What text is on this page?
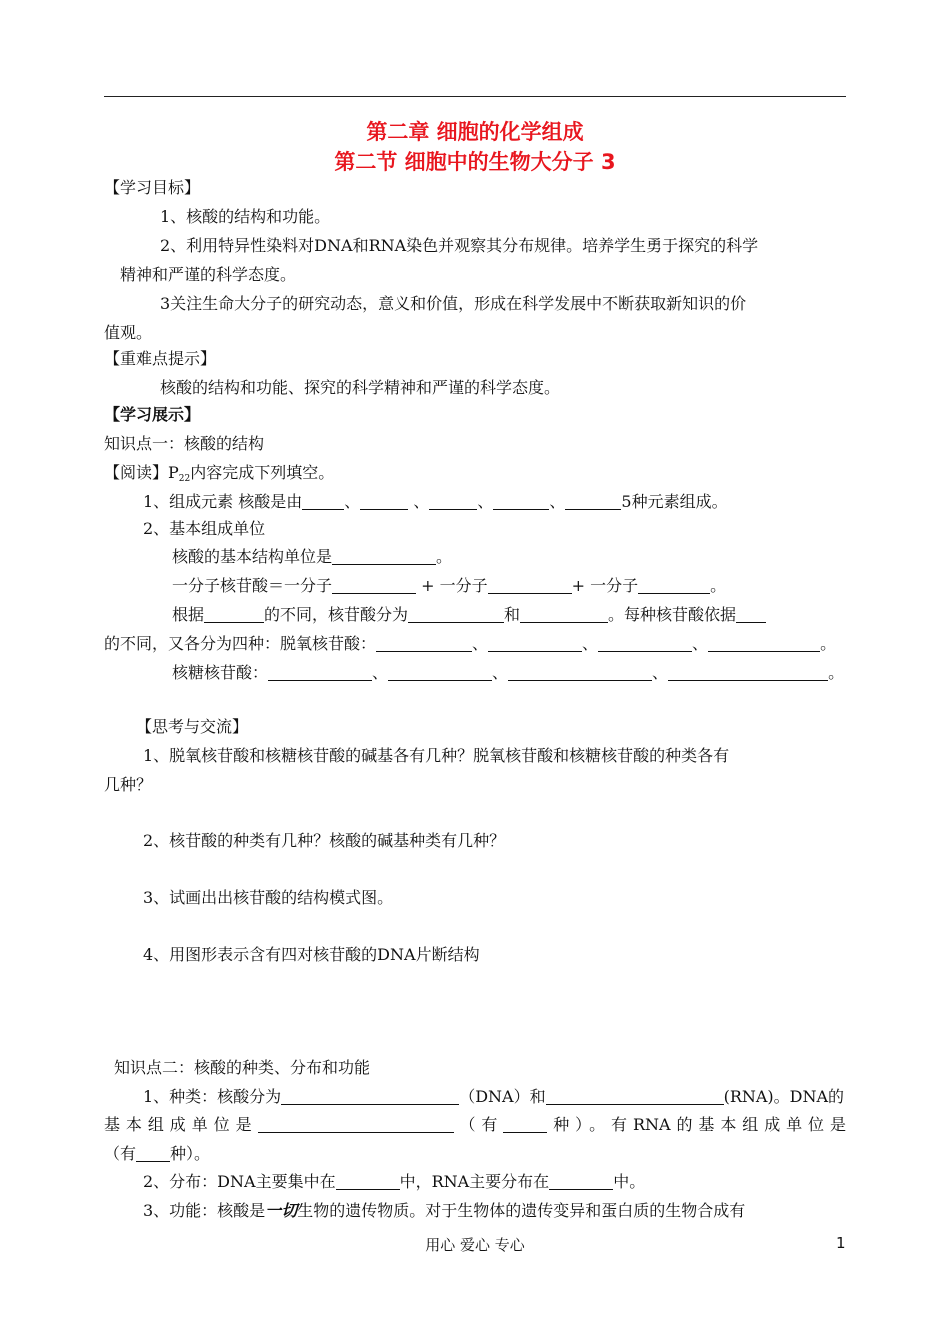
第二章 细胞的化学组成
第二节 细胞中的生物大分子 3
【学习目标】
1、核酸的结构和功能。
2、利用特异性染料对DNA和RNA染色并观察其分布规律。培养学生勇于探究的科学
精神和严谨的科学态度。
3关注生命大分子的研究动态，意义和价值，形成在科学发展中不断获取新知识的价
值观。
【重难点提示】
核酸的结构和功能、探究的科学精神和严谨的科学态度。
【学习展示】
知识点一：核酸的结构
【阅读】$P_{22}$内容完成下列填空。
1、组成元素 核酸是由	、	、	、	、	5种元素组成。
2、基本组成单位
核酸的基本结构单位是	。
一分子核苷酸＝一分子	+ 一分子	+ 一分子	。
根据	的不同，核苷酸分为	和	。每种核苷酸依据
的不同，又各分为四种：脱氧核苷酸：	、	、	、	。
核糖核苷酸：	、	、	、	。
【思考与交流】
1、脱氧核苷酸和核糖核苷酸的碱基各有几种？脱氧核苷酸和核糖核苷酸的种类各有
几种？
2、核苷酸的种类有几种？核酸的碱基种类有几种？
3、试画出出核苷酸的结构模式图。
4、用图形表示含有四对核苷酸的DNA片断结构
知识点二：核酸的种类、分布和功能
1、种类：核酸分为	（DNA）和	(RNA)。DNA的
基本组成单位是	（有	种）。有RNA的基本组成单位是
（有 种）。
2、分布：DNA主要集中在	中，RNA主要分布在	中。
3、功能：核酸是一切生物的遗传物质。对于生物体的遗传变异和蛋白质的生物合成有
用心 爱心 专心	1
